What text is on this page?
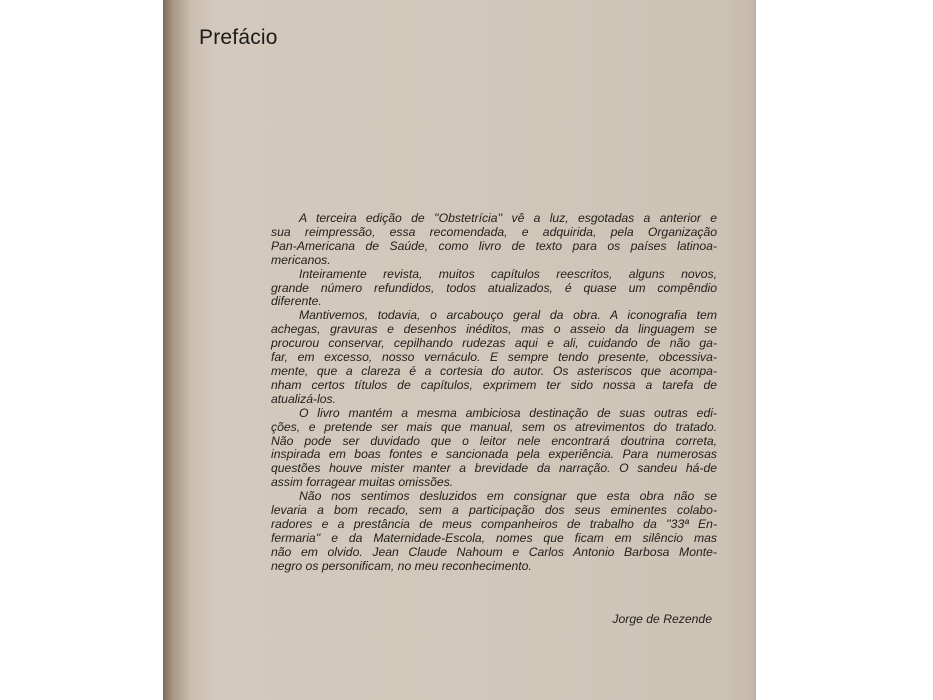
Prefácio

A terceira edição de ''Obstetrícia'' vê a luz, esgotadas a anterior e
sua reimpressão, essa recomendada, e adquirida, pela Organização
Pan-Americana de Saúde, como livro de texto para os países latinoa-
mericanos.

Inteiramente revista, muitos capítulos reescritos, alguns novos,
grande número refundidos, todos atualizados, é quase um compêndio
diferente.

Mantivemos, todavia, o arcabouço geral da obra. A iconografia tem
achegas, gravuras e desenhos inéditos, mas o asseio da linguagem se
procurou conservar, cepilhando rudezas aqui e ali, cuidando de não ga-
far, em excesso, nosso vernáculo. E sempre tendo presente, obcessiva-
mente, que a clareza é a cortesia do autor. Os asteriscos que acompa-
nham certos títulos de capítulos, exprimem ter sido nossa a tarefa de
atualizá-los.

O livro mantém a mesma ambiciosa destinação de suas outras edi-
ções, e pretende ser mais que manual, sem os atrevimentos do tratado.
Não pode ser duvidado que o leitor nele encontrará doutrina correta,
inspirada em boas fontes e sancionada pela experiência. Para numerosas
questões houve mister manter a brevidade da narração. O sandeu há-de
assim forragear muitas omissões.

Não nos sentimos desluzidos em consignar que esta obra não se
levaria a bom recado, sem a participação dos seus eminentes colabo-
radores e a prestância de meus companheiros de trabalho da ''33ª En-
fermaria'' e da Maternidade-Escola, nomes que ficam em silêncio mas
não em olvido. Jean Claude Nahoum e Carlos Antonio Barbosa Monte-
negro os personificam, no meu reconhecimento.

Jorge de Rezende
